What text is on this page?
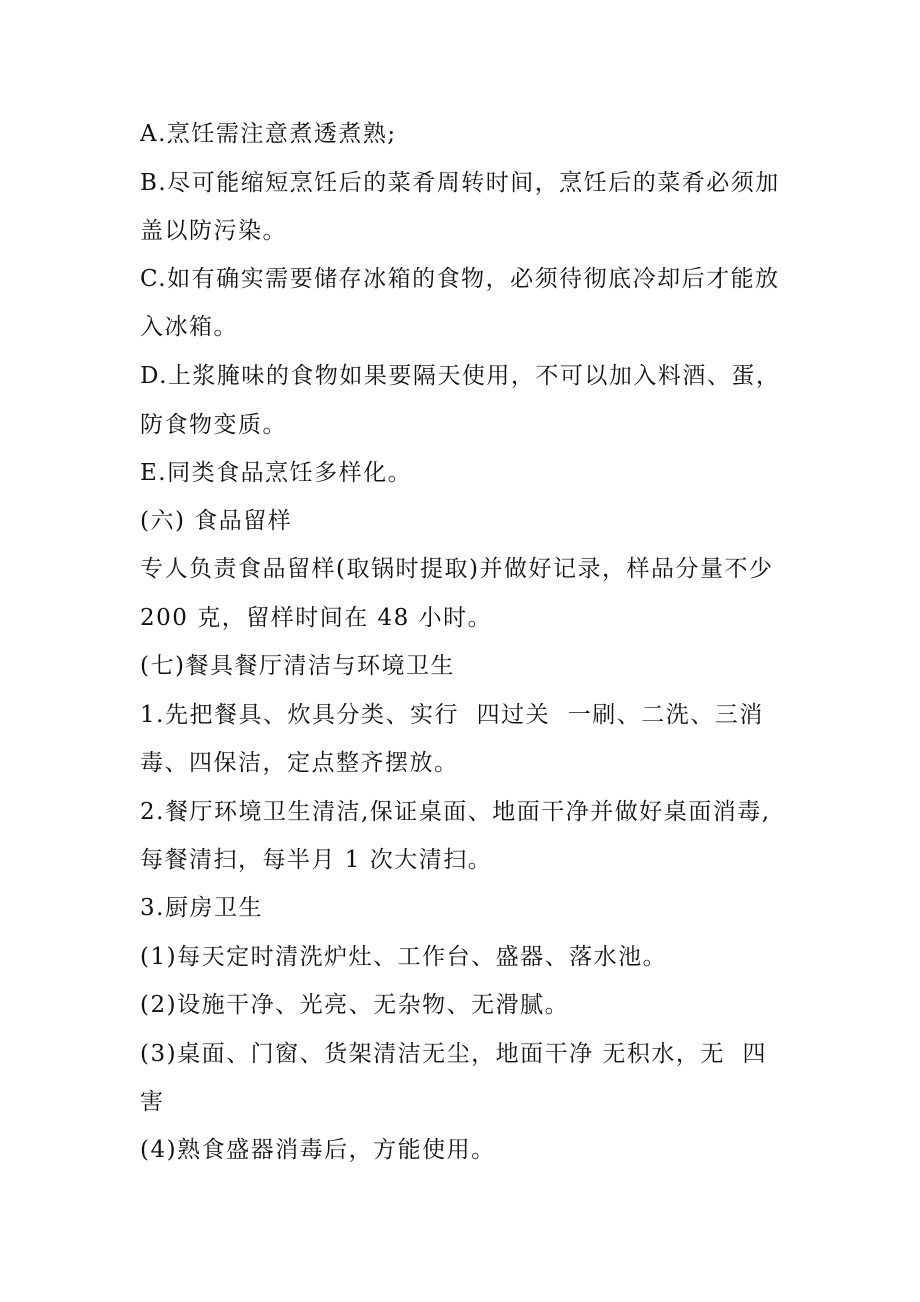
A.烹饪需注意煮透煮熟;
B.尽可能缩短烹饪后的菜肴周转时间，烹饪后的菜肴必须加
盖以防污染。
C.如有确实需要储存冰箱的食物，必须待彻底冷却后才能放
入冰箱。
D.上浆腌味的食物如果要隔天使用，不可以加入料酒、蛋，
防食物变质。
E.同类食品烹饪多样化。
(六) 食品留样
专人负责食品留样(取锅时提取)并做好记录，样品分量不少
200 克，留样时间在 48 小时。
(七)餐具餐厅清洁与环境卫生
1.先把餐具、炊具分类、实行  四过关  一刷、二洗、三消
毒、四保洁，定点整齐摆放。
2.餐厅环境卫生清洁,保证桌面、地面干净并做好桌面消毒,
每餐清扫，每半月 1 次大清扫。
3.厨房卫生
(1)每天定时清洗炉灶、工作台、盛器、落水池。
(2)设施干净、光亮、无杂物、无滑腻。
(3)桌面、门窗、货架清洁无尘，地面干净 无积水，无  四
害
(4)熟食盛器消毒后，方能使用。
